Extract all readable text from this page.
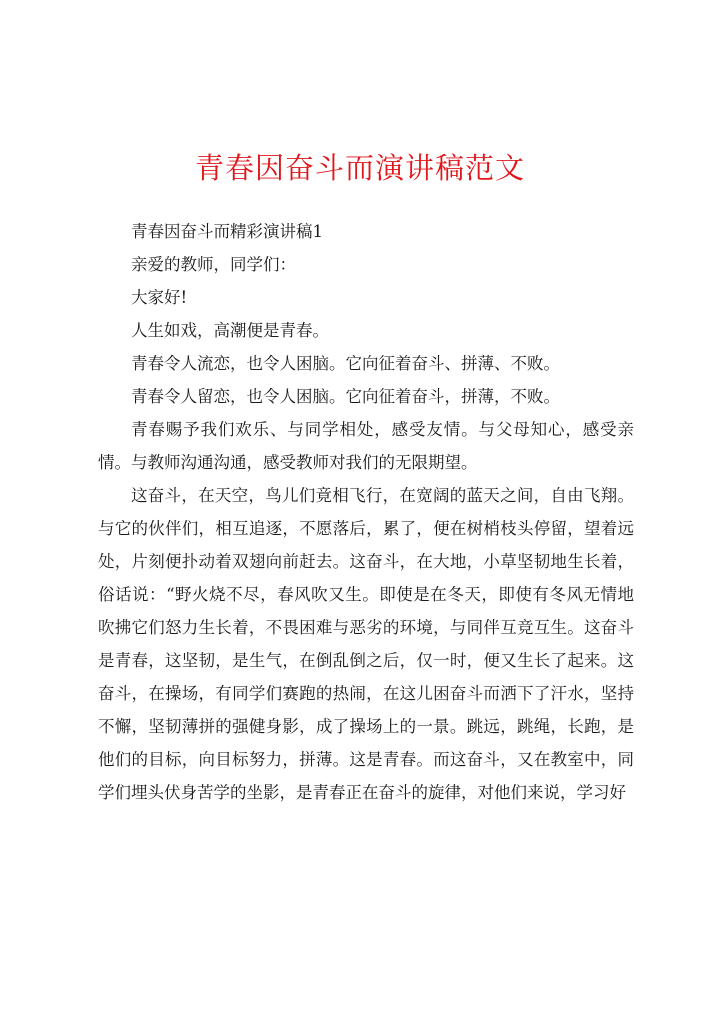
青春因奋斗而演讲稿范文

青春因奋斗而精彩演讲稿1

亲爱的教师，同学们：

大家好!

人生如戏，高潮便是青春。

青春令人流恋，也令人困脑。它向征着奋斗、拼薄、不败。

青春令人留恋，也令人困脑。它向征着奋斗，拼薄，不败。

青春赐予我们欢乐、与同学相处，感受友情。与父母知心，感受亲情。与教师沟通沟通，感受教师对我们的无限期望。

这奋斗，在天空，鸟儿们竟相飞行，在宽阔的蓝天之间，自由飞翔。与它的伙伴们，相互追逐，不愿落后，累了，便在树梢枝头停留，望着远处，片刻便扑动着双翅向前赶去。这奋斗，在大地，小草坚韧地生长着，俗话说：“野火烧不尽，春风吹又生。即使是在冬天，即使有冬风无情地吹拂它们怒力生长着，不畏困难与恶劣的环境，与同伴互竞互生。这奋斗是青春，这坚韧，是生气，在倒乱倒之后，仅一时，便又生长了起来。这奋斗，在操场，有同学们赛跑的热闹，在这儿困奋斗而洒下了汗水，坚持不懈，坚韧薄拼的强健身影，成了操场上的一景。跳远，跳绳，长跑，是他们的目标，向目标努力，拼薄。这是青春。而这奋斗，又在教室中，同学们埋头伏身苦学的坐影，是青春正在奋斗的旋律，对他们来说，学习好
